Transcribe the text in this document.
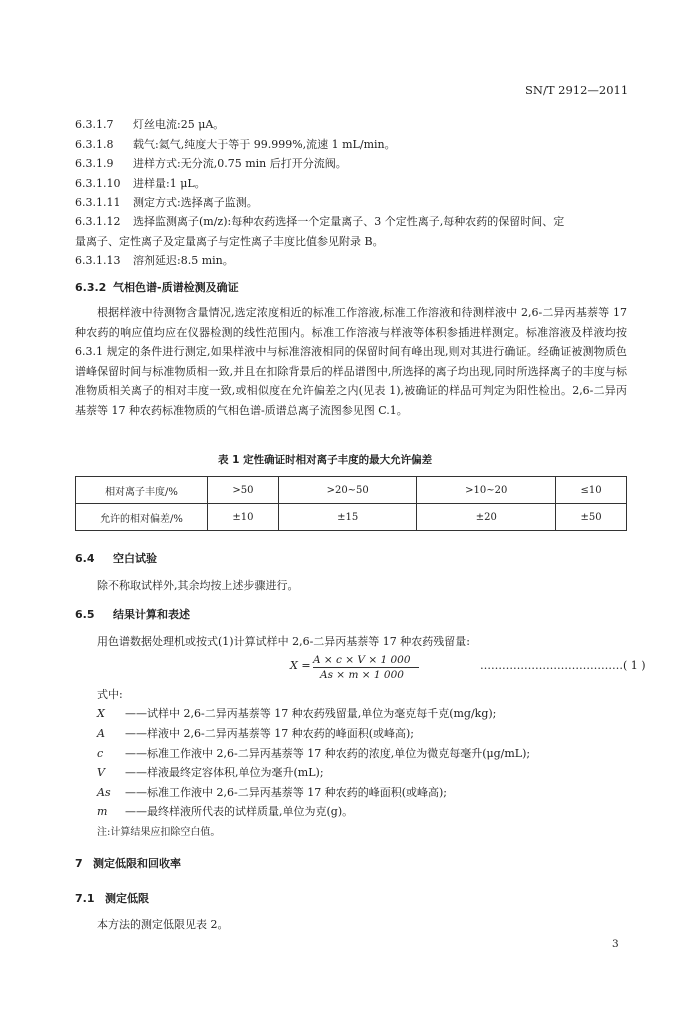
SN/T 2912—2011
6.3.1.7 灯丝电流:25 μA。
6.3.1.8 载气:氦气,纯度大于等于 99.999%,流速 1 mL/min。
6.3.1.9 进样方式:无分流,0.75 min 后打开分流阀。
6.3.1.10 进样量:1 μL。
6.3.1.11 测定方式:选择离子监测。
6.3.1.12 选择监测离子(m/z):每种农药选择一个定量离子、3 个定性离子,每种农药的保留时间、定
量离子、定性离子及定量离子与定性离子丰度比值参见附录 B。
6.3.1.13 溶剂延迟:8.5 min。
6.3.2 气相色谱-质谱检测及确证
根据样液中待测物含量情况,选定浓度相近的标准工作溶液,标准工作溶液和待测样液中 2,6-二异丙基萘等 17 种农药的响应值均应在仪器检测的线性范围内。标准工作溶液与样液等体积参插进样测定。标准溶液及样液均按 6.3.1 规定的条件进行测定,如果样液中与标准溶液相同的保留时间有峰出现,则对其进行确证。经确证被测物质色谱峰保留时间与标准物质相一致,并且在扣除背景后的样品谱图中,所选择的离子均出现,同时所选择离子的丰度与标准物质相关离子的相对丰度一致,或相似度在允许偏差之内(见表 1),被确证的样品可判定为阳性检出。2,6-二异丙基萘等 17 种农药标准物质的气相色谱-质谱总离子流图参见图 C.1。
表 1 定性确证时相对离子丰度的最大允许偏差
相对离子丰度/%	>50	>20~50	>10~20	≤10
允许的相对偏差/%	±10	±15	±20	±50
6.4 空白试验
除不称取试样外,其余均按上述步骤进行。
6.5 结果计算和表述
用色谱数据处理机或按式(1)计算试样中 2,6-二异丙基萘等 17 种农药残留量:
X = A × c × V × 1 000
As × m × 1 000
…………………………………( 1 )
式中:
X ——试样中 2,6-二异丙基萘等 17 种农药残留量,单位为毫克每千克(mg/kg);
A ——样液中 2,6-二异丙基萘等 17 种农药的峰面积(或峰高);
c ——标准工作液中 2,6-二异丙基萘等 17 种农药的浓度,单位为微克每毫升(μg/mL);
V ——样液最终定容体积,单位为毫升(mL);
As ——标准工作液中 2,6-二异丙基萘等 17 种农药的峰面积(或峰高);
m ——最终样液所代表的试样质量,单位为克(g)。
注:计算结果应扣除空白值。
7 测定低限和回收率
7.1 测定低限
本方法的测定低限见表 2。
3
